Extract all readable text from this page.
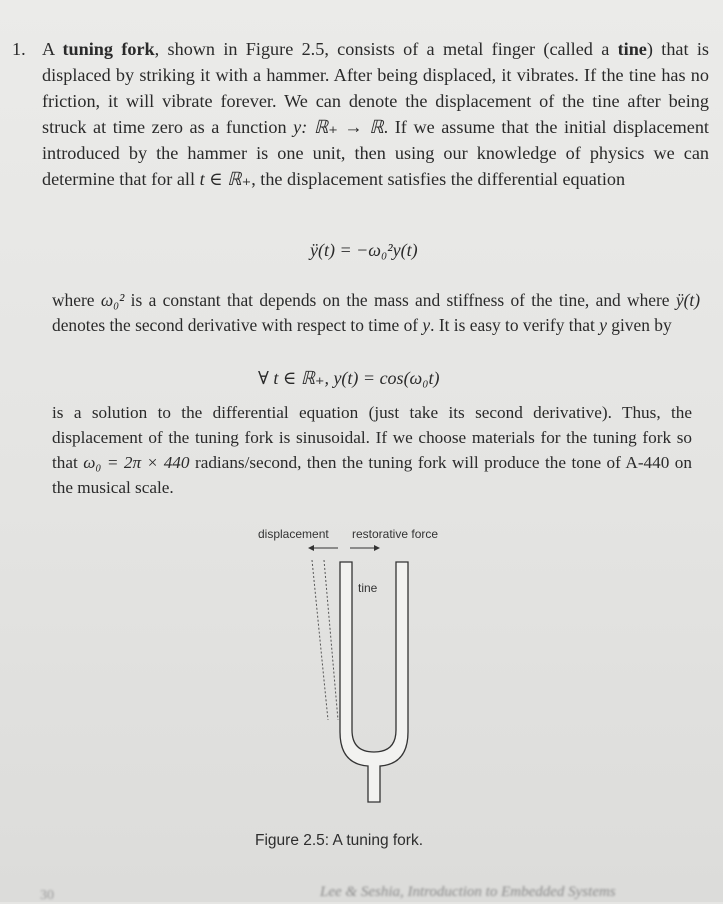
1. A tuning fork, shown in Figure 2.5, consists of a metal finger (called a tine) that is displaced by striking it with a hammer. After being displaced, it vibrates. If the tine has no friction, it will vibrate forever. We can denote the displacement of the tine after being struck at time zero as a function y: ℝ₊ → ℝ. If we assume that the initial displacement introduced by the hammer is one unit, then using our knowledge of physics we can determine that for all t ∈ ℝ₊, the displacement satisfies the differential equation

ÿ(t) = −ω₀²y(t)

where ω₀² is a constant that depends on the mass and stiffness of the tine, and where ÿ(t) denotes the second derivative with respect to time of y. It is easy to verify that y given by

∀ t ∈ ℝ₊, y(t) = cos(ω₀t)

is a solution to the differential equation (just take its second derivative). Thus, the displacement of the tuning fork is sinusoidal. If we choose materials for the tuning fork so that ω₀ = 2π × 440 radians/second, then the tuning fork will produce the tone of A-440 on the musical scale.

displacement restorative force
tine
Figure 2.5: A tuning fork.
30	Lee & Seshia, Introduction to Embedded Systems
